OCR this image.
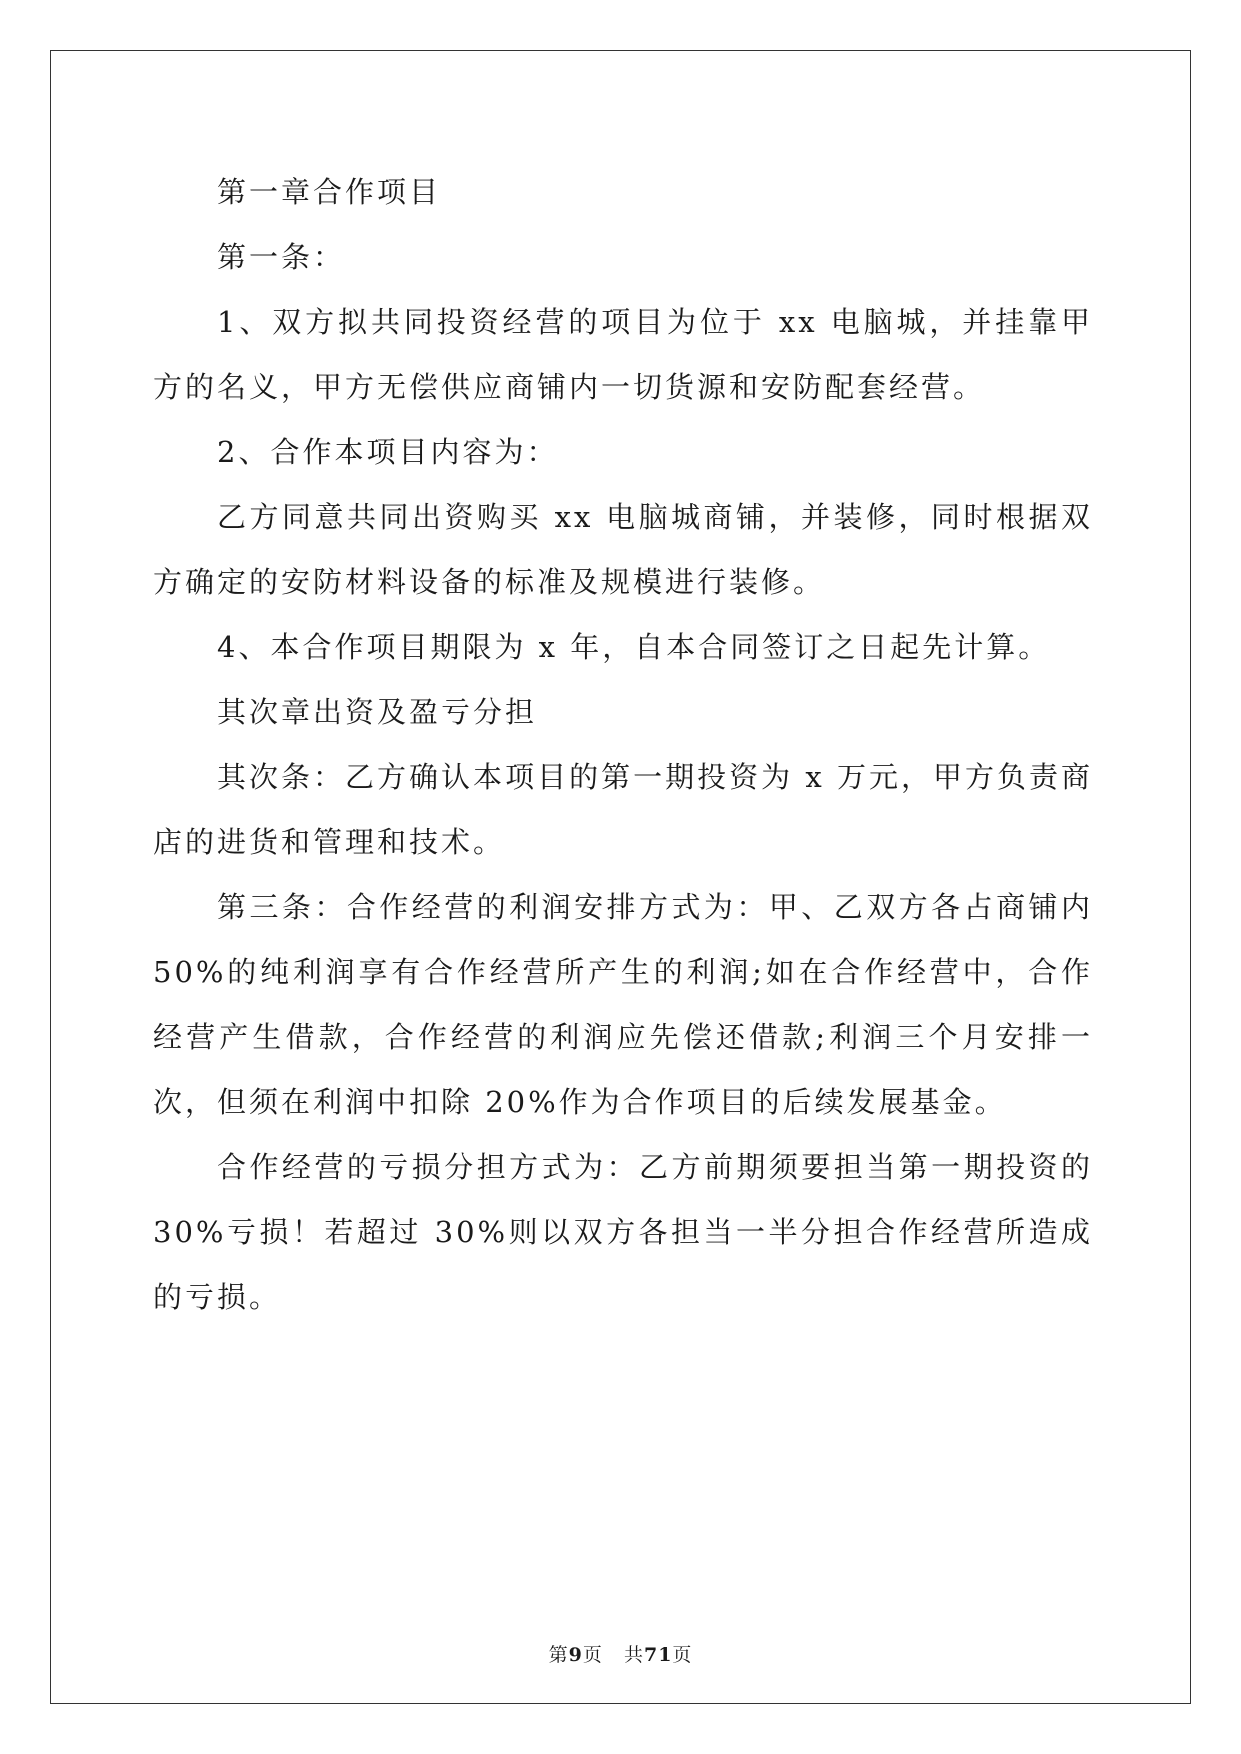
第一章合作项目

第一条：

1、双方拟共同投资经营的项目为位于 xx 电脑城，并挂靠甲方的名义，甲方无偿供应商铺内一切货源和安防配套经营。

2、合作本项目内容为：

乙方同意共同出资购买 xx 电脑城商铺，并装修，同时根据双方确定的安防材料设备的标准及规模进行装修。

4、本合作项目期限为 x 年，自本合同签订之日起先计算。

其次章出资及盈亏分担

其次条：乙方确认本项目的第一期投资为 x 万元，甲方负责商店的进货和管理和技术。

第三条：合作经营的利润安排方式为：甲、乙双方各占商铺内 50%的纯利润享有合作经营所产生的利润;如在合作经营中，合作经营产生借款，合作经营的利润应先偿还借款;利润三个月安排一次，但须在利润中扣除 20%作为合作项目的后续发展基金。

合作经营的亏损分担方式为：乙方前期须要担当第一期投资的 30%亏损！若超过 30%则以双方各担当一半分担合作经营所造成的亏损。

第9页 共71页
